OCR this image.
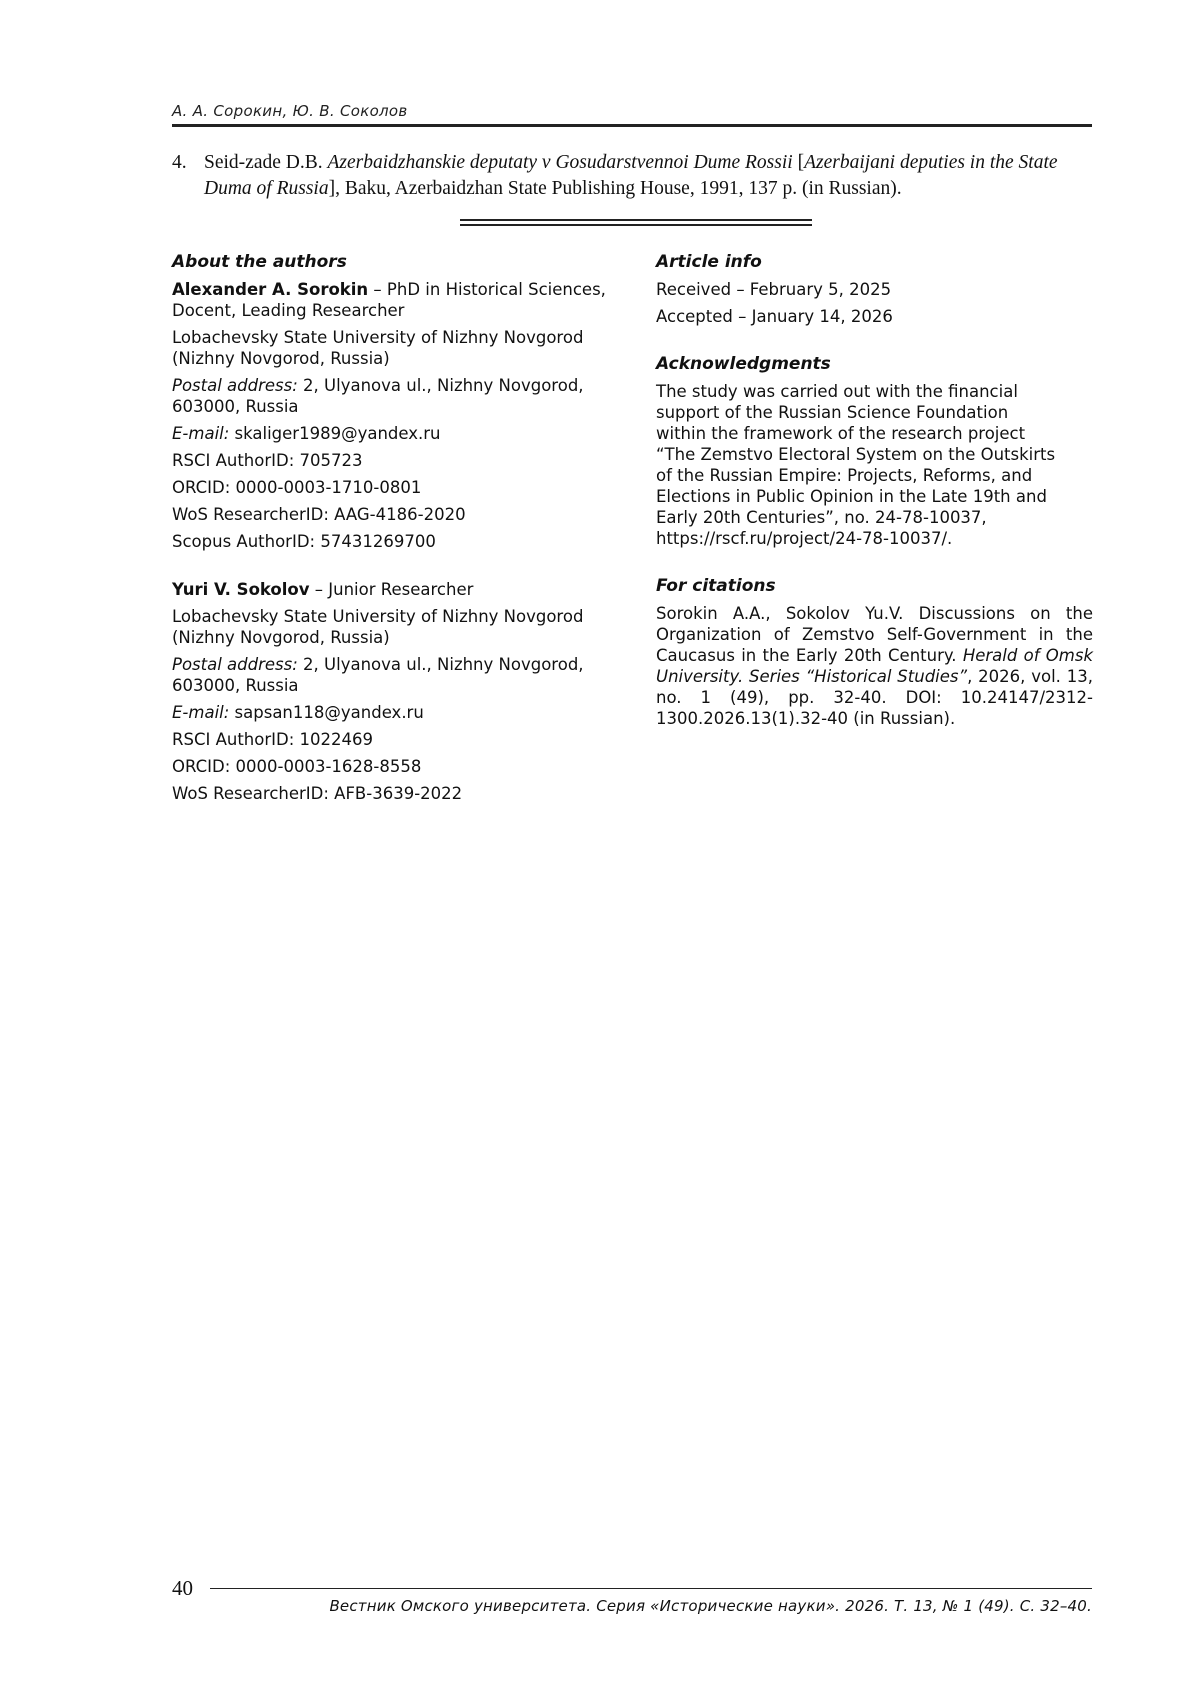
А. А. Сорокин, Ю. В. Соколов
4. Seid-zade D.B. Azerbaidzhanskie deputaty v Gosudarstvennoi Dume Rossii [Azerbaijani deputies in the State
Duma of Russia], Baku, Azerbaidzhan State Publishing House, 1991, 137 p. (in Russian).
About the authors
Alexander A. Sorokin – PhD in Historical Sciences,
Docent, Leading Researcher
Lobachevsky State University of Nizhny Novgorod
(Nizhny Novgorod, Russia)
Postal address: 2, Ulyanova ul., Nizhny Novgorod,
603000, Russia
E-mail: skaliger1989@yandex.ru
RSCI AuthorID: 705723
ORCID: 0000-0003-1710-0801
WoS ResearcherID: AAG-4186-2020
Scopus AuthorID: 57431269700
Yuri V. Sokolov – Junior Researcher
Lobachevsky State University of Nizhny Novgorod
(Nizhny Novgorod, Russia)
Postal address: 2, Ulyanova ul., Nizhny Novgorod,
603000, Russia
E-mail: sapsan118@yandex.ru
RSCI AuthorID: 1022469
ORCID: 0000-0003-1628-8558
WoS ResearcherID: AFB-3639-2022
Article info
Received – February 5, 2025
Accepted – January 14, 2026
Acknowledgments
The study was carried out with the financial
support of the Russian Science Foundation
within the framework of the research project
“The Zemstvo Electoral System on the Outskirts
of the Russian Empire: Projects, Reforms, and
Elections in Public Opinion in the Late 19th and
Early 20th Centuries”, no. 24-78-10037,
https://rscf.ru/project/24-78-10037/.
For citations
Sorokin A.A., Sokolov Yu.V. Discussions on the Organization of Zemstvo Self-Government in the Caucasus in the Early 20th Century. Herald of Omsk University. Series “Historical Studies”, 2026, vol. 13, no. 1 (49), pp. 32-40. DOI: 10.24147/2312-1300.2026.13(1).32-40 (in Russian).
40
Вестник Омского университета. Серия «Исторические науки». 2026. Т. 13, № 1 (49). С. 32–40.
